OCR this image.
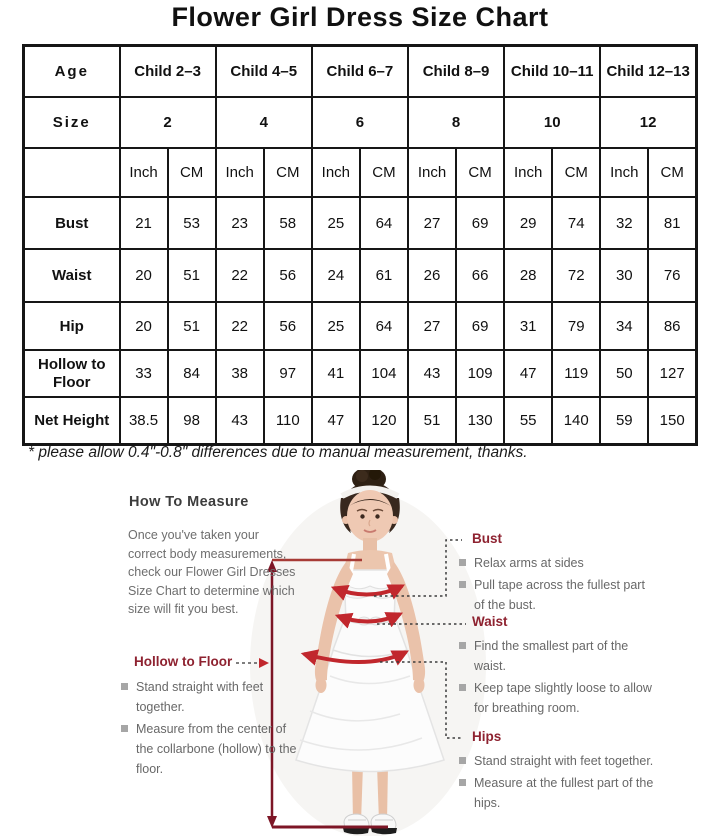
Flower Girl Dress Size Chart
Age	Child 2–3		Child 4–5		Child 6–7		Child 8–9		Child 10–11		Child 12–13	
Size	2		4		6		8		10		12	
	Inch	CM	Inch	CM	Inch	CM	Inch	CM	Inch	CM	Inch	CM
Bust	21	53	23	58	25	64	27	69	29	74	32	81
Waist	20	51	22	56	24	61	26	66	28	72	30	76
Hip	20	51	22	56	25	64	27	69	31	79	34	86
Hollow to Floor	33	84	38	97	41	104	43	109	47	119	50	127
Net Height	38.5	98	43	110	47	120	51	130	55	140	59	150

* please allow 0.4"-0.8" differences due to manual measurement, thanks.

How To Measure

Once you've taken your correct body measurements, check our Flower Girl Dresses Size Chart to determine which size will fit you best.

Hollow to Floor

Stand straight with feet together.
Measure from the center of the collarbone (hollow) to the floor.

Bust

Relax arms at sides
Pull tape across the fullest part of the bust.

Waist

Find the smallest part of the waist.
Keep tape slightly loose to allow for breathing room.

Hips

Stand straight with feet together.
Measure at the fullest part of the hips.
